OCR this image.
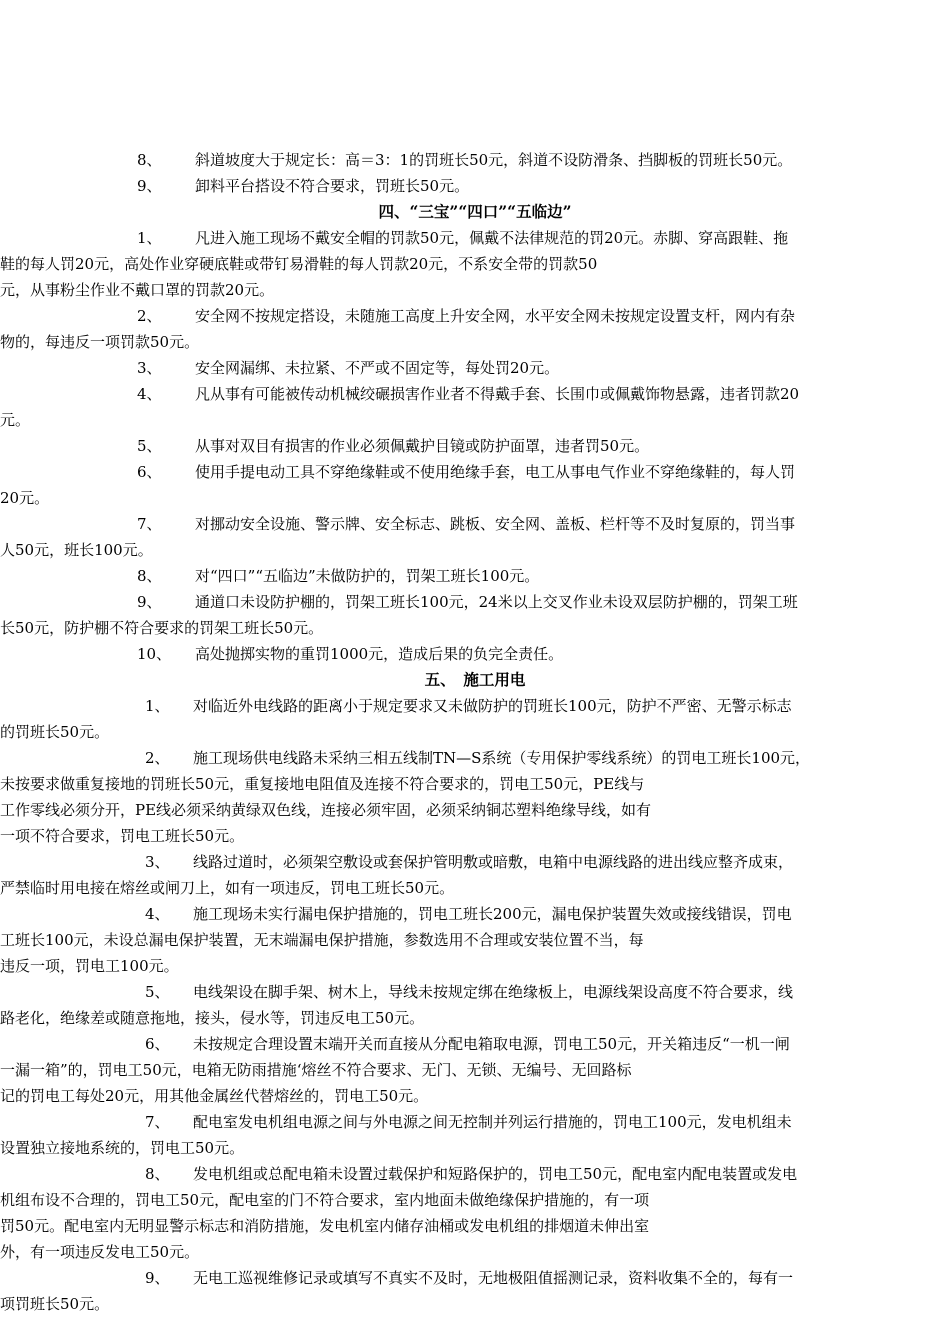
8、 斜道坡度大于规定长：高＝3：1的罚班长50元，斜道不设防滑条、挡脚板的罚班长50元。
9、 卸料平台搭设不符合要求，罚班长50元。
四、“三宝”“四口”“五临边”
1、 凡进入施工现场不戴安全帽的罚款50元，佩戴不法律规范的罚20元。赤脚、穿高跟鞋、拖
鞋的每人罚20元，高处作业穿硬底鞋或带钉易滑鞋的每人罚款20元，不系安全带的罚款50
元，从事粉尘作业不戴口罩的罚款20元。
2、 安全网不按规定搭设，未随施工高度上升安全网，水平安全网未按规定设置支杆，网内有杂
物的，每违反一项罚款50元。
3、 安全网漏绑、未拉紧、不严或不固定等，每处罚20元。
4、 凡从事有可能被传动机械绞碾损害作业者不得戴手套、长围巾或佩戴饰物悬露，违者罚款20
元。
5、 从事对双目有损害的作业必须佩戴护目镜或防护面罩，违者罚50元。
6、 使用手提电动工具不穿绝缘鞋或不使用绝缘手套，电工从事电气作业不穿绝缘鞋的，每人罚
20元。
7、 对挪动安全设施、警示牌、安全标志、跳板、安全网、盖板、栏杆等不及时复原的，罚当事
人50元，班长100元。
8、 对“四口”“五临边”未做防护的，罚架工班长100元。
9、 通道口未设防护棚的，罚架工班长100元，24米以上交叉作业未设双层防护棚的，罚架工班
长50元，防护棚不符合要求的罚架工班长50元。
10、 高处抛掷实物的重罚1000元，造成后果的负完全责任。
五、　施工用电
1、 对临近外电线路的距离小于规定要求又未做防护的罚班长100元，防护不严密、无警示标志
的罚班长50元。
2、 施工现场供电线路未采纳三相五线制TN—S系统（专用保护零线系统）的罚电工班长100元，
未按要求做重复接地的罚班长50元，重复接地电阻值及连接不符合要求的，罚电工50元，PE线与
工作零线必须分开，PE线必须采纳黄绿双色线，连接必须牢固，必须采纳铜芯塑料绝缘导线，如有
一项不符合要求，罚电工班长50元。
3、 线路过道时，必须架空敷设或套保护管明敷或暗敷，电箱中电源线路的进出线应整齐成束，
严禁临时用电接在熔丝或闸刀上，如有一项违反，罚电工班长50元。
4、 施工现场未实行漏电保护措施的，罚电工班长200元，漏电保护装置失效或接线错误，罚电
工班长100元，未设总漏电保护装置，无末端漏电保护措施，参数选用不合理或安装位置不当，每
违反一项，罚电工100元。
5、 电线架设在脚手架、树木上，导线未按规定绑在绝缘板上，电源线架设高度不符合要求，线
路老化，绝缘差或随意拖地，接头，侵水等，罚违反电工50元。
6、 未按规定合理设置末端开关而直接从分配电箱取电源，罚电工50元，开关箱违反“一机一闸
一漏一箱”的，罚电工50元，电箱无防雨措施‘熔丝不符合要求、无门、无锁、无编号、无回路标
记的罚电工每处20元，用其他金属丝代替熔丝的，罚电工50元。
7、 配电室发电机组电源之间与外电源之间无控制并列运行措施的，罚电工100元，发电机组未
设置独立接地系统的，罚电工50元。
8、 发电机组或总配电箱未设置过载保护和短路保护的，罚电工50元，配电室内配电装置或发电
机组布设不合理的，罚电工50元，配电室的门不符合要求，室内地面未做绝缘保护措施的，有一项
罚50元。配电室内无明显警示标志和消防措施，发电机室内储存油桶或发电机组的排烟道未伸出室
外，有一项违反发电工50元。
9、 无电工巡视维修记录或填写不真实不及时，无地极阻值摇测记录，资料收集不全的，每有一
项罚班长50元。
